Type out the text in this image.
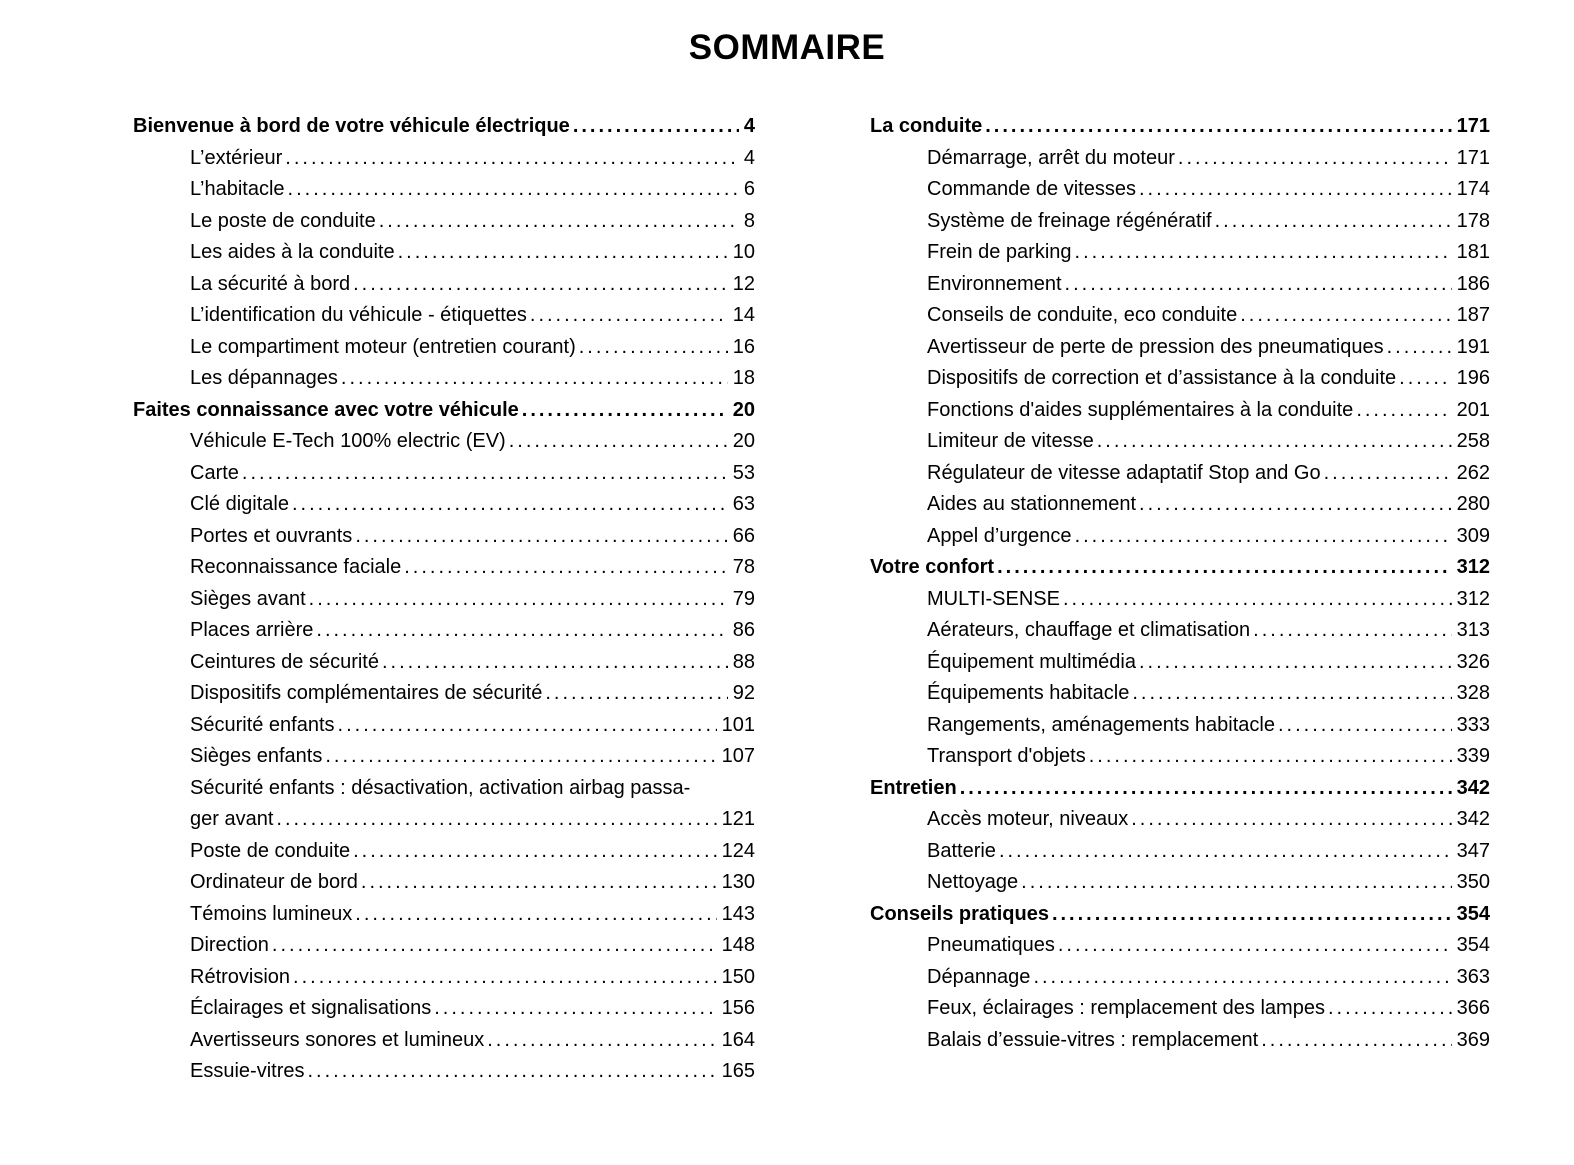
SOMMAIRE
Bienvenue à bord de votre véhicule électrique .....	4
L’extérieur .....	4
L’habitacle .....	6
Le poste de conduite .....	8
Les aides à la conduite .....	10
La sécurité à bord .....	12
L’identification du véhicule - étiquettes .....	14
Le compartiment moteur (entretien courant) .....	16
Les dépannages .....	18
Faites connaissance avec votre véhicule .....	20
Véhicule E-Tech 100% electric (EV) .....	20
Carte .....	53
Clé digitale .....	63
Portes et ouvrants .....	66
Reconnaissance faciale .....	78
Sièges avant .....	79
Places arrière .....	86
Ceintures de sécurité .....	88
Dispositifs complémentaires de sécurité .....	92
Sécurité enfants .....	101
Sièges enfants .....	107
Sécurité enfants : désactivation, activation airbag passa-
ger avant .....	121
Poste de conduite .....	124
Ordinateur de bord .....	130
Témoins lumineux .....	143
Direction .....	148
Rétrovision .....	150
Éclairages et signalisations .....	156
Avertisseurs sonores et lumineux .....	164
Essuie-vitres .....	165
La conduite .....	171
Démarrage, arrêt du moteur .....	171
Commande de vitesses .....	174
Système de freinage régénératif .....	178
Frein de parking .....	181
Environnement .....	186
Conseils de conduite, eco conduite .....	187
Avertisseur de perte de pression des pneumatiques .....	191
Dispositifs de correction et d’assistance à la conduite .....	196
Fonctions d'aides supplémentaires à la conduite .....	201
Limiteur de vitesse .....	258
Régulateur de vitesse adaptatif Stop and Go .....	262
Aides au stationnement .....	280
Appel d’urgence .....	309
Votre confort .....	312
MULTI-SENSE .....	312
Aérateurs, chauffage et climatisation .....	313
Équipement multimédia .....	326
Équipements habitacle .....	328
Rangements, aménagements habitacle .....	333
Transport d'objets .....	339
Entretien .....	342
Accès moteur, niveaux .....	342
Batterie .....	347
Nettoyage .....	350
Conseils pratiques .....	354
Pneumatiques .....	354
Dépannage .....	363
Feux, éclairages : remplacement des lampes .....	366
Balais d’essuie-vitres : remplacement .....	369
